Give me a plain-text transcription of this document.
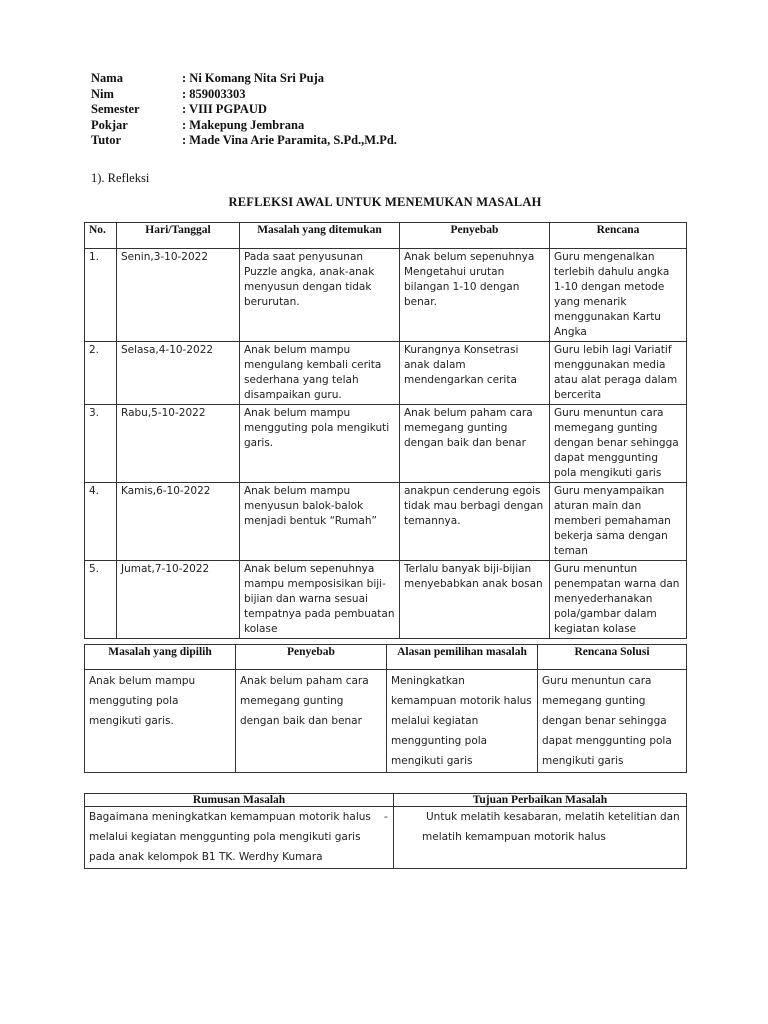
Nama	: Ni Komang Nita Sri Puja
Nim	: 859003303
Semester	: VIII PGPAUD
Pokjar	: Makepung Jembrana
Tutor	: Made Vina Arie Paramita, S.Pd.,M.Pd.
1). Refleksi
REFLEKSI AWAL UNTUK MENEMUKAN MASALAH
No.	Hari/Tanggal	Masalah yang ditemukan	Penyebab	Rencana
1.	Senin,3-10-2022	Pada saat penyusunan Puzzle angka, anak-anak menyusun dengan tidak berurutan.	Anak belum sepenuhnya Mengetahui urutan bilangan 1-10 dengan benar.	Guru mengenalkan terlebih dahulu angka 1-10 dengan metode yang menarik menggunakan Kartu Angka
2.	Selasa,4-10-2022	Anak belum mampu mengulang kembali cerita sederhana yang telah disampaikan guru.	Kurangnya Konsetrasi anak dalam mendengarkan cerita	Guru lebih lagi Variatif menggunakan media atau alat peraga dalam bercerita
3.	Rabu,5-10-2022	Anak belum mampu mengguting pola mengikuti garis.	Anak belum paham cara memegang gunting dengan baik dan benar	Guru menuntun cara memegang gunting dengan benar sehingga dapat menggunting pola mengikuti garis
4.	Kamis,6-10-2022	Anak belum mampu menyusun balok-balok menjadi bentuk “Rumah”	anakpun cenderung egois tidak mau berbagi dengan temannya.	Guru menyampaikan aturan main dan memberi pemahaman bekerja sama dengan teman
5.	Jumat,7-10-2022	Anak belum sepenuhnya mampu memposisikan biji-bijian dan warna sesuai tempatnya pada pembuatan kolase	Terlalu banyak biji-bijian menyebabkan anak bosan	Guru menuntun penempatan warna dan menyederhanakan pola/gambar dalam kegiatan kolase
Masalah yang dipilih	Penyebab	Alasan pemilihan masalah	Rencana Solusi
Anak belum mampu mengguting pola mengikuti garis.	Anak belum paham cara memegang gunting dengan baik dan benar	Meningkatkan kemampuan motorik halus melalui kegiatan menggunting pola mengikuti garis	Guru menuntun cara memegang gunting dengan benar sehingga dapat menggunting pola mengikuti garis
Rumusan Masalah	Tujuan Perbaikan Masalah
Bagaimana meningkatkan kemampuan motorik halus melalui kegiatan menggunting pola mengikuti garis pada anak kelompok B1 TK. Werdhy Kumara	- Untuk melatih kesabaran, melatih ketelitian dan melatih kemampuan motorik halus
